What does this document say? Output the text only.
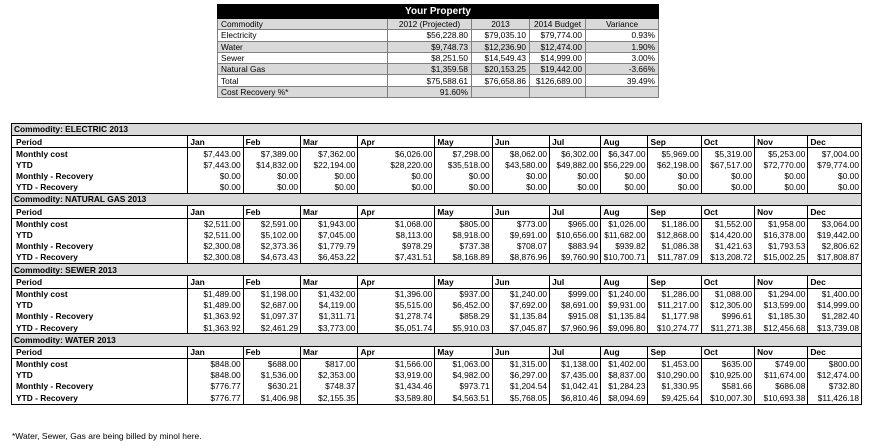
Your Property				
Commodity	2012 (Projected)	2013	2014 Budget	Variance
Electricity	$56,228.80	$79,035.10	$79,774.00	0.93%
Water	$9,748.73	$12,236.90	$12,474.00	1.90%
Sewer	$8,251.50	$14,549.43	$14,999.00	3.00%
Natural Gas	$1,359.58	$20,153.25	$19,442.00	-3.66%
Total	$75,588.61	$76,658.86	$126,689.00	39.49%
Cost Recovery %*	91.60%			
Commodity: ELECTRIC 2013												
Period	Jan	Feb	Mar	Apr	May	Jun	Jul	Aug	Sep	Oct	Nov	Dec
Monthly cost	$7,443.00	$7,389.00	$7,362.00	$6,026.00	$7,298.00	$8,062.00	$6,302.00	$6,347.00	$5,969.00	$5,319.00	$5,253.00	$7,004.00
YTD	$7,443.00	$14,832.00	$22,194.00	$28,220.00	$35,518.00	$43,580.00	$49,882.00	$56,229.00	$62,198.00	$67,517.00	$72,770.00	$79,774.00
Monthly - Recovery	$0.00	$0.00	$0.00	$0.00	$0.00	$0.00	$0.00	$0.00	$0.00	$0.00	$0.00	$0.00
YTD - Recovery	$0.00	$0.00	$0.00	$0.00	$0.00	$0.00	$0.00	$0.00	$0.00	$0.00	$0.00	$0.00
Commodity: NATURAL GAS 2013												
Period	Jan	Feb	Mar	Apr	May	Jun	Jul	Aug	Sep	Oct	Nov	Dec
Monthly cost	$2,511.00	$2,591.00	$1,943.00	$1,068.00	$805.00	$773.00	$965.00	$1,026.00	$1,186.00	$1,552.00	$1,958.00	$3,064.00
YTD	$2,511.00	$5,102.00	$7,045.00	$8,113.00	$8,918.00	$9,691.00	$10,656.00	$11,682.00	$12,868.00	$14,420.00	$16,378.00	$19,442.00
Monthly - Recovery	$2,300.08	$2,373.36	$1,779.79	$978.29	$737.38	$708.07	$883.94	$939.82	$1,086.38	$1,421.63	$1,793.53	$2,806.62
YTD - Recovery	$2,300.08	$4,673.43	$6,453.22	$7,431.51	$8,168.89	$8,876.96	$9,760.90	$10,700.71	$11,787.09	$13,208.72	$15,002.25	$17,808.87
Commodity: SEWER 2013												
Period	Jan	Feb	Mar	Apr	May	Jun	Jul	Aug	Sep	Oct	Nov	Dec
Monthly cost	$1,489.00	$1,198.00	$1,432.00	$1,396.00	$937.00	$1,240.00	$999.00	$1,240.00	$1,286.00	$1,088.00	$1,294.00	$1,400.00
YTD	$1,489.00	$2,687.00	$4,119.00	$5,515.00	$6,452.00	$7,692.00	$8,691.00	$9,931.00	$11,217.00	$12,305.00	$13,599.00	$14,999.00
Monthly - Recovery	$1,363.92	$1,097.37	$1,311.71	$1,278.74	$858.29	$1,135.84	$915.08	$1,135.84	$1,177.98	$996.61	$1,185.30	$1,282.40
YTD - Recovery	$1,363.92	$2,461.29	$3,773.00	$5,051.74	$5,910.03	$7,045.87	$7,960.96	$9,096.80	$10,274.77	$11,271.38	$12,456.68	$13,739.08
Commodity: WATER 2013												
Period	Jan	Feb	Mar	Apr	May	Jun	Jul	Aug	Sep	Oct	Nov	Dec
Monthly cost	$848.00	$688.00	$817.00	$1,566.00	$1,063.00	$1,315.00	$1,138.00	$1,402.00	$1,453.00	$635.00	$749.00	$800.00
YTD	$848.00	$1,536.00	$2,353.00	$3,919.00	$4,982.00	$6,297.00	$7,435.00	$8,837.00	$10,290.00	$10,925.00	$11,674.00	$12,474.00
Monthly - Recovery	$776.77	$630.21	$748.37	$1,434.46	$973.71	$1,204.54	$1,042.41	$1,284.23	$1,330.95	$581.66	$686.08	$732.80
YTD - Recovery	$776.77	$1,406.98	$2,155.35	$3,589.80	$4,563.51	$5,768.05	$6,810.46	$8,094.69	$9,425.64	$10,007.30	$10,693.38	$11,426.18
*Water, Sewer, Gas are being billed by minol here.
